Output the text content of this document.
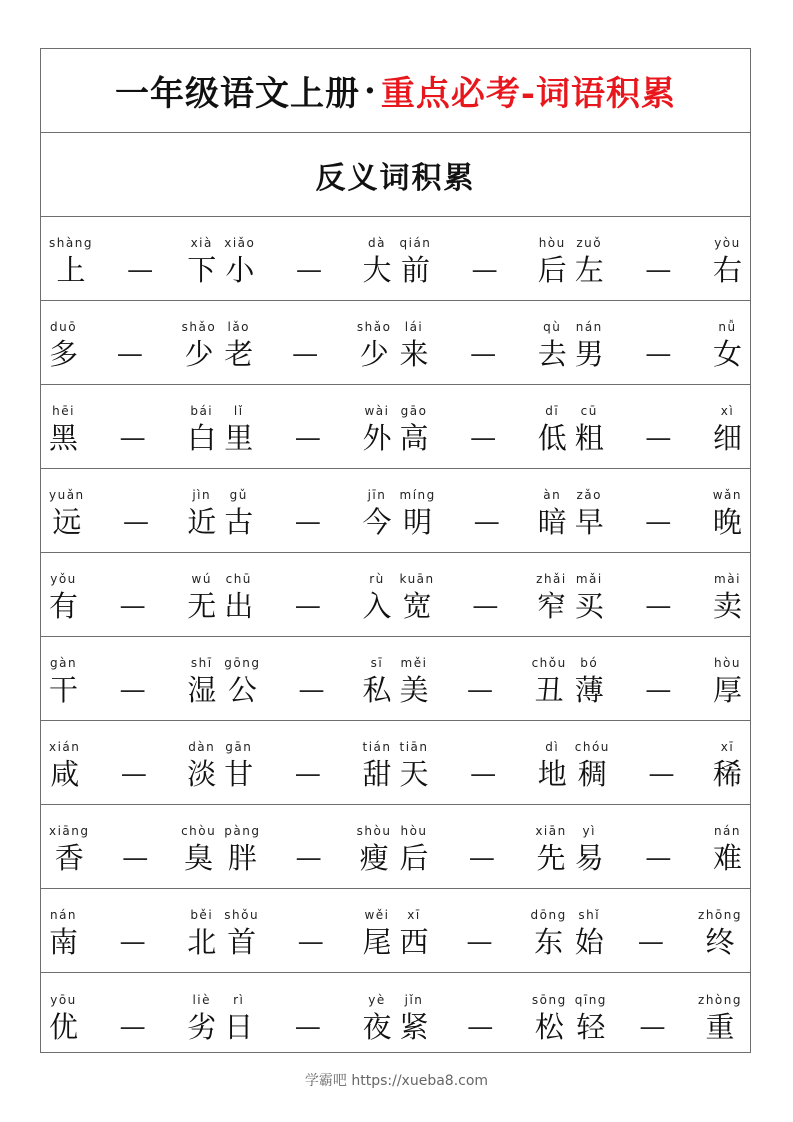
一年级语文上册 · 重点必考-词语积累
反义词积累
shàng
上 —
xià
下
xiǎo
小 —
dà
大
qián
前 —
hòu
后
zuǒ
左 —
yòu
右
duō
多 —
shǎo
少
lǎo
老 —
shǎo
少
lái
来 —
qù
去
nán
男 —
nǚ
女
hēi
黑 —
bái
白
lǐ
里 —
wài
外
gāo
高 —
dī
低
cū
粗 —
xì
细
yuǎn
远 —
jìn
近
gǔ
古 —
jīn
今
míng
明 —
àn
暗
zǎo
早 —
wǎn
晚
yǒu
有 —
wú
无
chū
出 —
rù
入
kuān
宽 —
zhǎi
窄
mǎi
买 —
mài
卖
gàn
干 —
shī
湿
gōng
公 —
sī
私
měi
美 —
chǒu
丑
bó
薄 —
hòu
厚
xián
咸 —
dàn
淡
gān
甘 —
tián
甜
tiān
天 —
dì
地
chóu
稠 —
xī
稀
xiāng
香 —
chòu
臭
pàng
胖 —
shòu
瘦
hòu
后 —
xiān
先
yì
易 —
nán
难
nán
南 —
běi
北
shǒu
首 —
wěi
尾
xī
西 —
dōng
东
shǐ
始 —
zhōng
终
yōu
优 —
liè
劣
rì
日 —
yè
夜
jǐn
紧 —
sōng
松
qīng
轻 —
zhòng
重
学霸吧 https://xueba8.com
